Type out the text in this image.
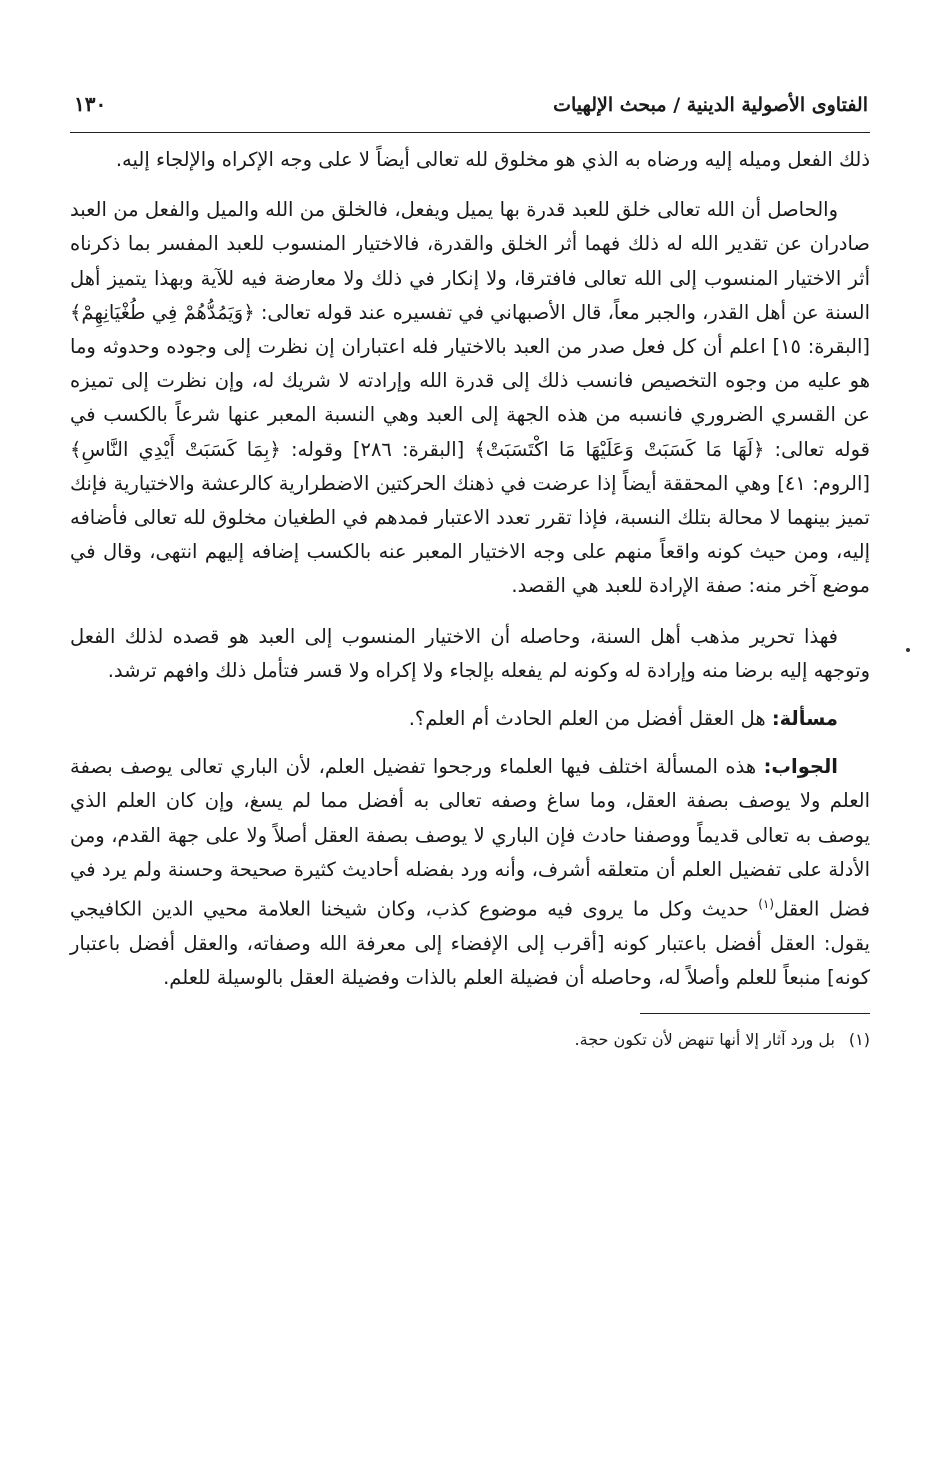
الفتاوى الأصولية الدينية / مبحث الإلهيات
١٣٠

ذلك الفعل وميله إليه ورضاه به الذي هو مخلوق لله تعالى أيضاً لا على وجه الإكراه والإلجاء إليه.

والحاصل أن الله تعالى خلق للعبد قدرة بها يميل ويفعل، فالخلق من الله والميل والفعل من العبد صادران عن تقدير الله له ذلك فهما أثر الخلق والقدرة، فالاختيار المنسوب للعبد المفسر بما ذكرناه أثر الاختيار المنسوب إلى الله تعالى فافترقا، ولا إنكار في ذلك ولا معارضة فيه للآية وبهذا يتميز أهل السنة عن أهل القدر، والجبر معاً، قال الأصبهاني في تفسيره عند قوله تعالى: ﴿وَيَمُدُّهُمْ فِي طُغْيَانِهِمْ﴾ [البقرة: ١٥] اعلم أن كل فعل صدر من العبد بالاختيار فله اعتباران إن نظرت إلى وجوده وحدوثه وما هو عليه من وجوه التخصيص فانسب ذلك إلى قدرة الله وإرادته لا شريك له، وإن نظرت إلى تميزه عن القسري الضروري فانسبه من هذه الجهة إلى العبد وهي النسبة المعبر عنها شرعاً بالكسب في قوله تعالى: ﴿لَهَا مَا كَسَبَتْ وَعَلَيْهَا مَا اكْتَسَبَتْ﴾ [البقرة: ٢٨٦] وقوله: ﴿بِمَا كَسَبَتْ أَيْدِي النَّاسِ﴾ [الروم: ٤١] وهي المحققة أيضاً إذا عرضت في ذهنك الحركتين الاضطرارية كالرعشة والاختيارية فإنك تميز بينهما لا محالة بتلك النسبة، فإذا تقرر تعدد الاعتبار فمدهم في الطغيان مخلوق لله تعالى فأضافه إليه، ومن حيث كونه واقعاً منهم على وجه الاختيار المعبر عنه بالكسب إضافه إليهم انتهى، وقال في موضع آخر منه: صفة الإرادة للعبد هي القصد.

فهذا تحرير مذهب أهل السنة، وحاصله أن الاختيار المنسوب إلى العبد هو قصده لذلك الفعل وتوجهه إليه برضا منه وإرادة له وكونه لم يفعله بإلجاء ولا إكراه ولا قسر فتأمل ذلك وافهم ترشد.

مسألة: هل العقل أفضل من العلم الحادث أم العلم؟.

الجواب: هذه المسألة اختلف فيها العلماء ورجحوا تفضيل العلم، لأن الباري تعالى يوصف بصفة العلم ولا يوصف بصفة العقل، وما ساغ وصفه تعالى به أفضل مما لم يسغ، وإن كان العلم الذي يوصف به تعالى قديماً ووصفنا حادث فإن الباري لا يوصف بصفة العقل أصلاً ولا على جهة القدم، ومن الأدلة على تفضيل العلم أن متعلقه أشرف، وأنه ورد بفضله أحاديث كثيرة صحيحة وحسنة ولم يرد في فضل العقل$^{(١)}$ حديث وكل ما يروى فيه موضوع كذب، وكان شيخنا العلامة محيي الدين الكافيجي يقول: العقل أفضل باعتبار كونه [أقرب إلى الإفضاء إلى معرفة الله وصفاته، والعقل أفضل باعتبار كونه] منبعاً للعلم وأصلاً له، وحاصله أن فضيلة العلم بالذات وفضيلة العقل بالوسيلة للعلم.

(١)بل ورد آثار إلا أنها تنهض لأن تكون حجة.
